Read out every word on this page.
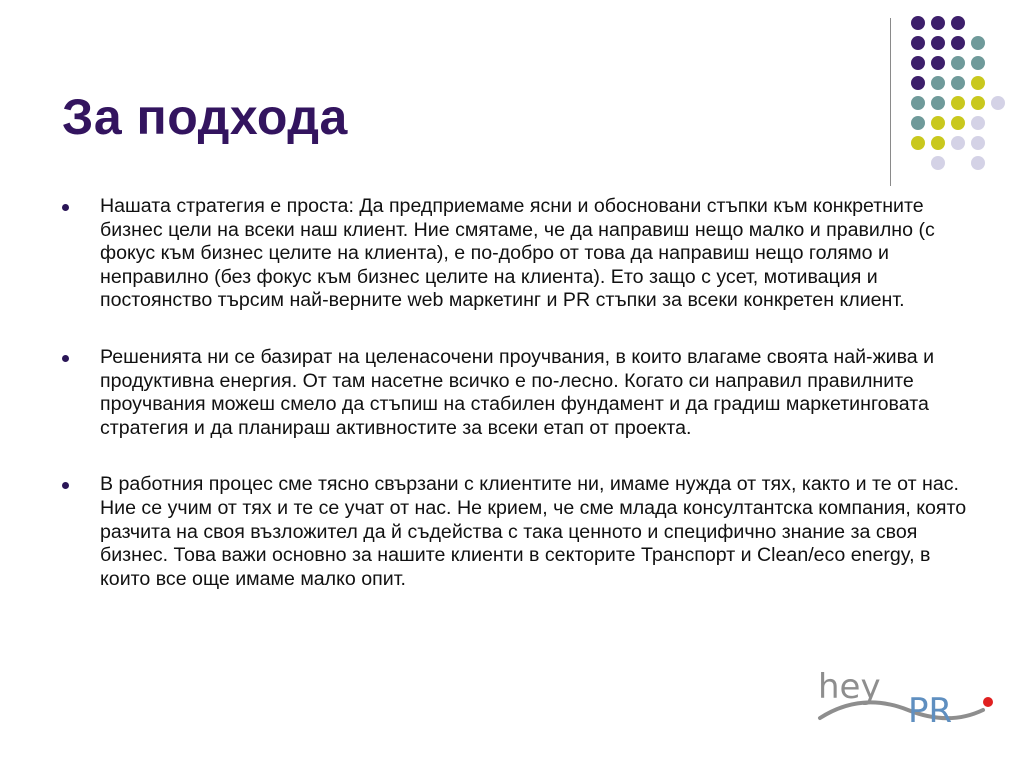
За подхода
Нашата стратегия е проста: Да предприемаме ясни и обосновани стъпки към конкретните бизнес цели на всеки наш клиент. Ние смятаме, че да направиш нещо малко и правилно (с фокус към бизнес целите на клиента), е по-добро от това да направиш нещо голямо и неправилно (без фокус към бизнес целите на клиента). Ето защо с усет, мотивация и постоянство търсим най-верните web маркетинг и PR стъпки за всеки конкретен клиент.
Решенията ни се базират на целенасочени проучвания, в които влагаме своята най-жива и продуктивна енергия. От там насетне всичко е по-лесно. Когато си направил правилните проучвания можеш смело да стъпиш на стабилен фундамент и да градиш маркетинговата стратегия и да планираш активностите за всеки етап от проекта.
В работния процес сме тясно свързани с клиентите ни, имаме нужда от тях, както и те от нас. Ние се учим от тях и те се учат от нас. Не крием, че сме млада консултантска компания, която разчита на своя възложител да й съдейства с така ценното и специфично знание за своя бизнес. Това важи основно за нашите клиенти в секторите Транспорт и Clean/eco energy, в които все още имаме малко опит.
hey
PR
